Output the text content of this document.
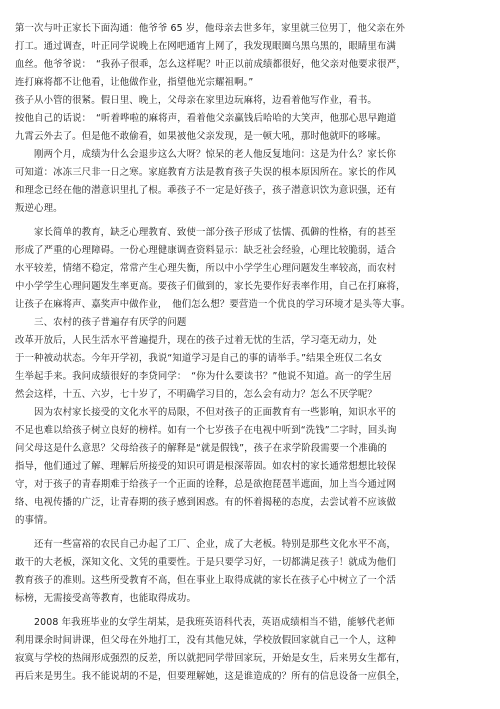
第一次与叶正家长下面沟通：他爷爷 65 岁，他母亲去世多年，家里就三位男丁，他父亲在外
打工。通过调查，叶正同学说晚上在网吧通宵上网了，我发现眼圈乌黑乌黑的，眼睛里布满
血丝。他爷爷说：　“我孙子很乖，怎么这样呢？叶正以前成绩都很好，他父亲对他要求很严，
连打麻将都不让他看，让他做作业，指望他光宗耀祖啊。”
孩子从小管的很紧。假日里、晚上，父母亲在家里边玩麻将，边看着他写作业，看书。
按他自己的话说：　“听着哗啦的麻将声，看着他父亲赢钱后哈哈的大笑声，他那心思早跑道
九霄云外去了。但是他不敢偷看，如果被他父亲发现，是一顿大吼，那时他就吓的哆嗦。
　　刚两个月，成绩为什么会退步这么大呀？惊呆的老人他反复地问：这是为什么？家长你
可知道：冰冻三尺非一日之寒。家庭教育方法是教育孩子失误的根本原因所在。家长的作风
和理念已经在他的潜意识里扎了根。乖孩子不一定是好孩子，孩子潜意识饮为意识强，还有
叛逆心理。
　　家长简单的教育，缺乏心理教育、致使一部分孩子形成了怯懦、孤僻的性格，有的甚至
形成了严重的心理障碍。一份心理健康调查资料显示：缺乏社会经验，心理比较脆弱，适合
水平较差，情绪不稳定，常常产生心理失衡，所以中小学学生心理问题发生率较高，而农村
中小学学生心理问题发生率更高。要孩子们做到的，家长先要作好表率作用，自己在打麻将，
让孩子在麻将声、嘉奖声中做作业，　他们怎么想？要营造一个优良的学习环境才是头等大事。
　　三、农村的孩子普遍存有厌学的问题
改革开放后，人民生活水平普遍提升，现在的孩子过着无忧的生活，学习毫无动力，处
于一种被动状态。今年开学初，我说“知道学习是自己的事的请举手。”结果全班仅二名女
生举起手来。我问成绩很好的李贷同学：　“你为什么要读书？”他说不知道。高一的学生居
然会这样，十五、六岁，七十岁了，不明确学习目的，怎么会有动力？怎么不厌学呢？
　　因为农村家长接受的文化水平的局限，不但对孩子的正面教育有一些影响，知识水平的
不足也难以给孩子树立良好的榜样。如有一个七岁孩子在电视中听到“洗钱”二字时，回头询
问父母这是什么意思？父母给孩子的解释是“就是假钱”，孩子在求学阶段需要一个准确的
指导，他们通过了解、理解后所接受的知识可谓是根深蒂固。如农村的家长通常想想比较保
守，对于孩子的青春期难于给孩子一个正面的诠释，总是欲抱琵琶半遮面，加上当今通过网
络、电视传播的广泛，让青春期的孩子感到困惑。有的怀着揭秘的态度，去尝试着不应该做
的事情。
　　还有一些富裕的农民自己办起了工厂、企业，成了大老板。特别是那些文化水平不高，
敢干的大老板，深知文化、文凭的重要性。于是只要学习好，一切都满足孩子！就成为他们
教育孩子的准则。这些所受教育不高，但在事业上取得成就的家长在孩子心中树立了一个活
标榜，无需接受高等教育，也能取得成功。
　　2008 年我班毕业的女学生胡某，是我班英语科代表，英语成绩相当不错，能够代老师
利用课余时间讲课，但父母在外地打工，没有其他兄妹，学校放假回家就自己一个人，这种
寂寞与学校的热闹形成强烈的反差，所以就把同学带回家玩，开始是女生，后来男女生都有，
再后来是男生。我不能说胡的不是，但要理解她，这是谁造成的？所有的信息设备一应俱全，
